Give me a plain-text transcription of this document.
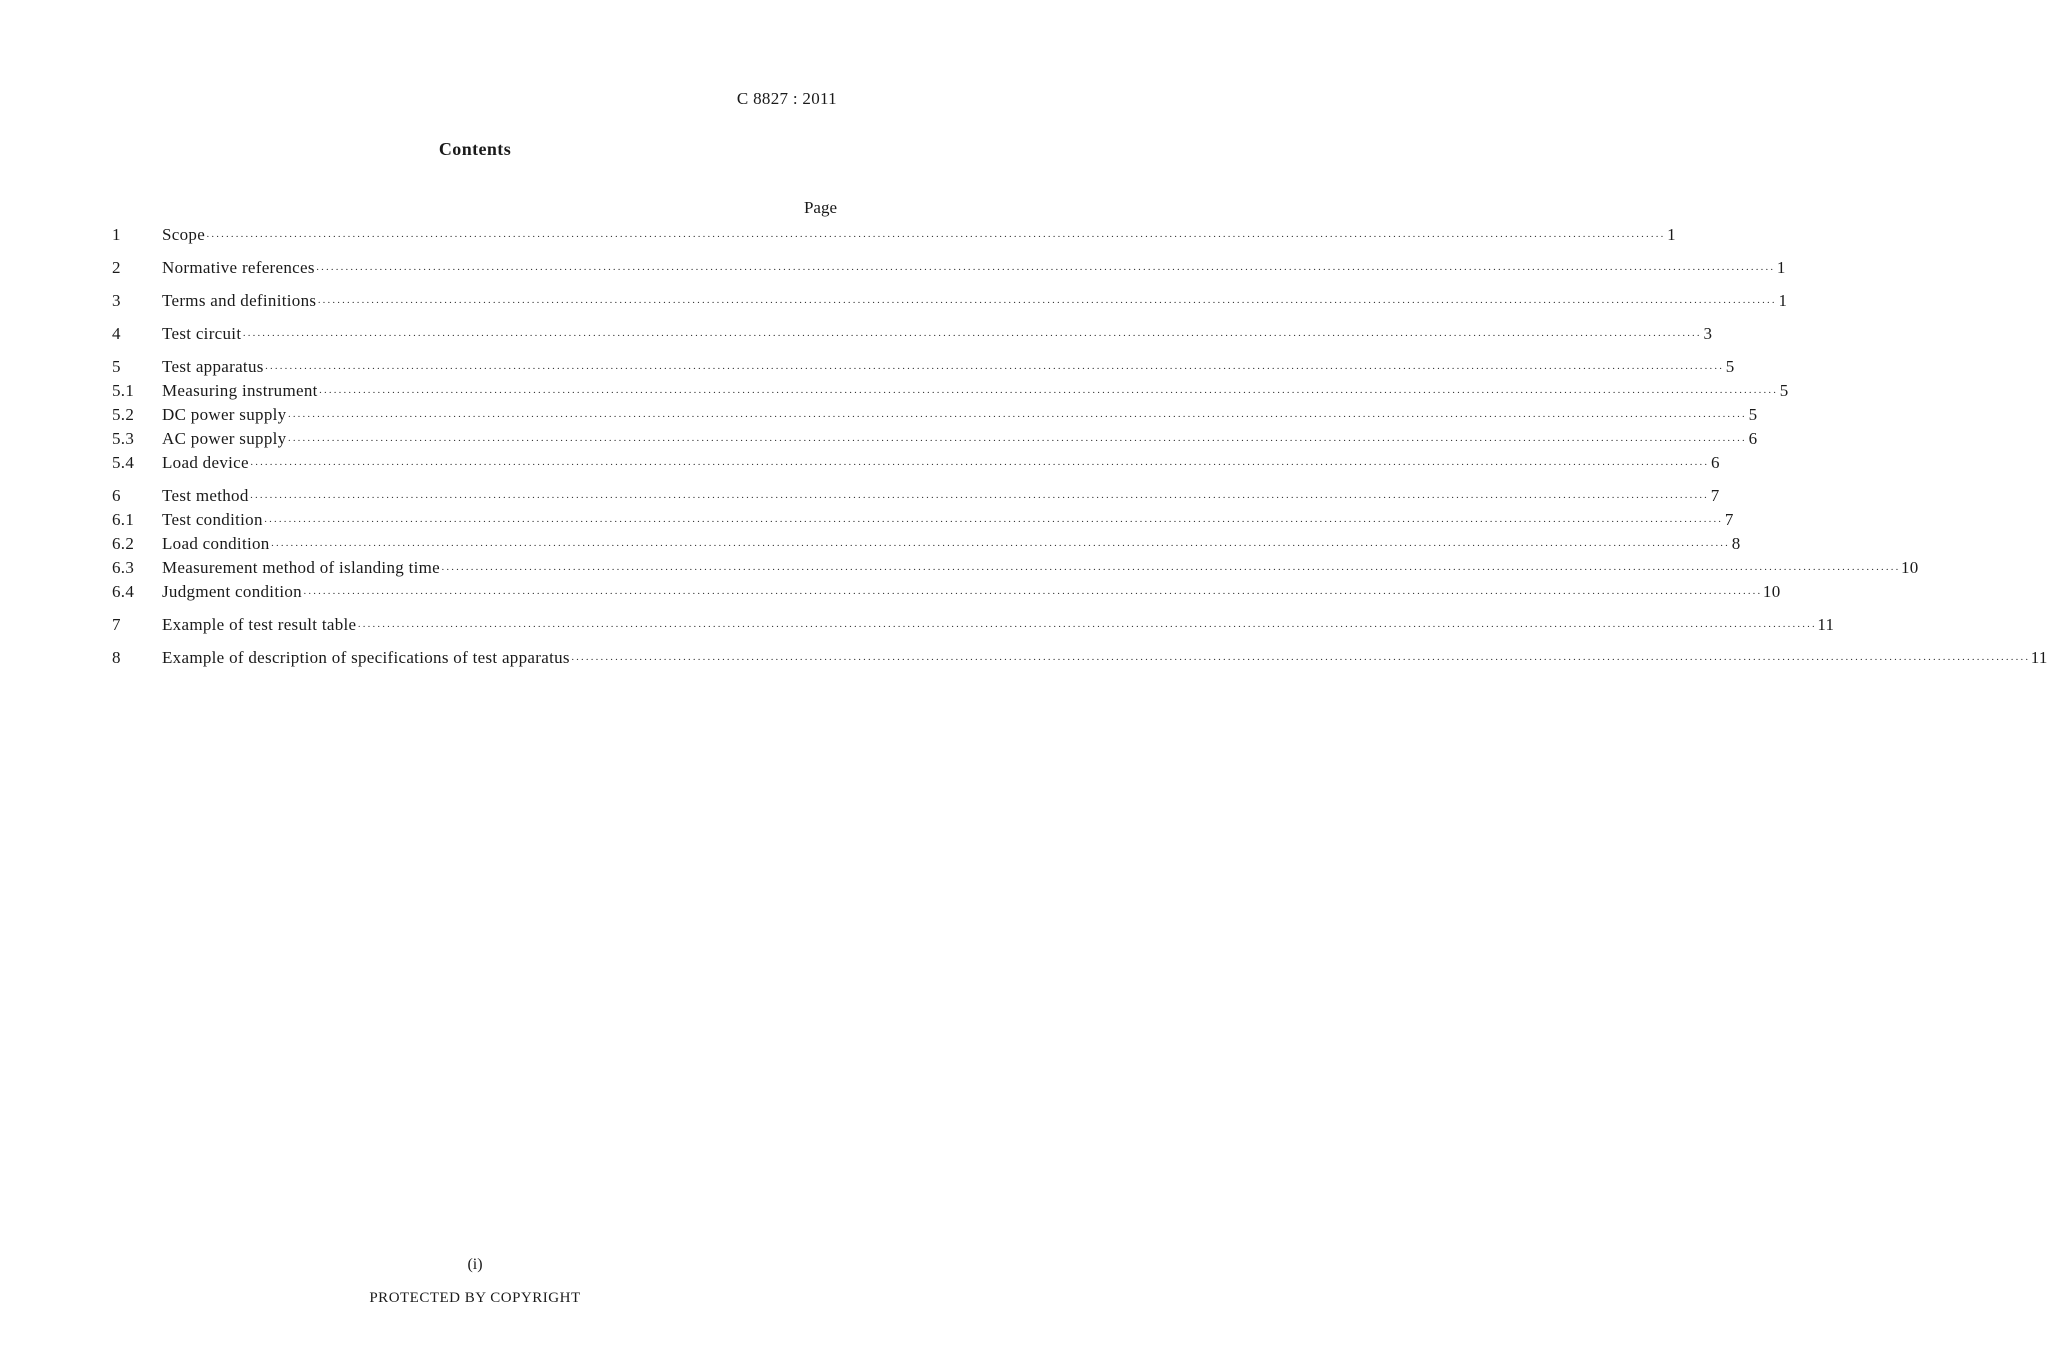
C 8827 : 2011
Contents
Page
1	Scope ············································································································································································································································································································ 1
2	Normative references ············································································································································································································································································································ 1
3	Terms and definitions ············································································································································································································································································································ 1
4	Test circuit ············································································································································································································································································································ 3
5	Test apparatus ············································································································································································································································································································ 5
5.1	Measuring instrument ············································································································································································································································································································ 5
5.2	DC power supply ············································································································································································································································································································ 5
5.3	AC power supply ············································································································································································································································································································ 6
5.4	Load device ············································································································································································································································································································ 6
6	Test method ············································································································································································································································································································ 7
6.1	Test condition ············································································································································································································································································································ 7
6.2	Load condition ············································································································································································································································································································ 8
6.3	Measurement method of islanding time ············································································································································································································································································································ 10
6.4	Judgment condition ············································································································································································································································································································ 10
7	Example of test result table ············································································································································································································································································································ 11
8	Example of description of specifications of test apparatus ············································································································································································································································································································ 11
(i)
PROTECTED BY COPYRIGHT
